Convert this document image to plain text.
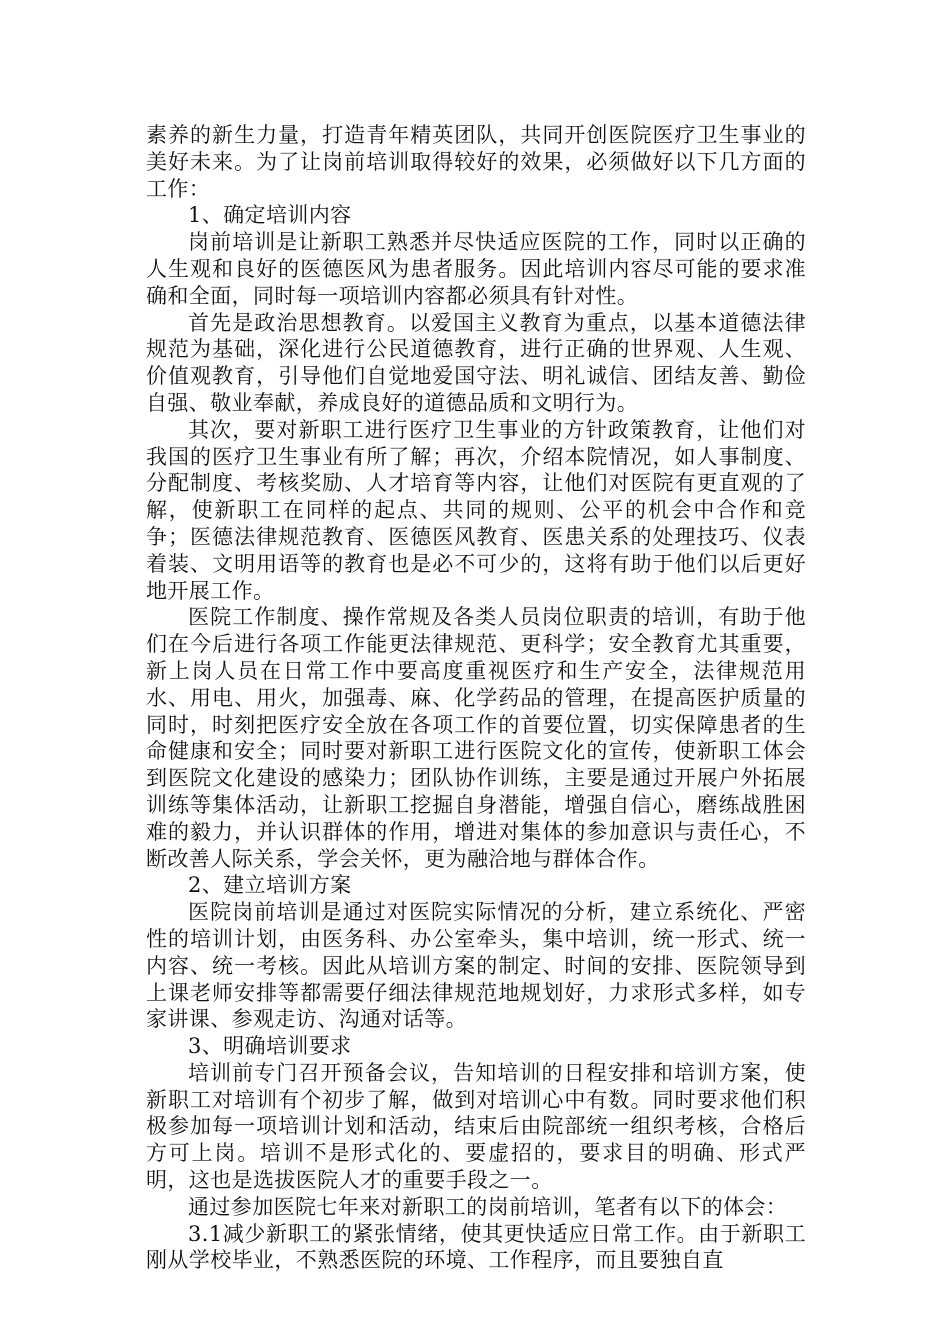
素养的新生力量，打造青年精英团队，共同开创医院医疗卫生事业的美好未来。为了让岗前培训取得较好的效果，必须做好以下几方面的工作：

1、确定培训内容

岗前培训是让新职工熟悉并尽快适应医院的工作，同时以正确的人生观和良好的医德医风为患者服务。因此培训内容尽可能的要求准确和全面，同时每一项培训内容都必须具有针对性。

首先是政治思想教育。以爱国主义教育为重点，以基本道德法律规范为基础，深化进行公民道德教育，进行正确的世界观、人生观、价值观教育，引导他们自觉地爱国守法、明礼诚信、团结友善、勤俭自强、敬业奉献，养成良好的道德品质和文明行为。

其次，要对新职工进行医疗卫生事业的方针政策教育，让他们对我国的医疗卫生事业有所了解；再次，介绍本院情况，如人事制度、分配制度、考核奖励、人才培育等内容，让他们对医院有更直观的了解，使新职工在同样的起点、共同的规则、公平的机会中合作和竞争；医德法律规范教育、医德医风教育、医患关系的处理技巧、仪表着装、文明用语等的教育也是必不可少的，这将有助于他们以后更好地开展工作。

医院工作制度、操作常规及各类人员岗位职责的培训，有助于他们在今后进行各项工作能更法律规范、更科学；安全教育尤其重要，新上岗人员在日常工作中要高度重视医疗和生产安全，法律规范用水、用电、用火，加强毒、麻、化学药品的管理，在提高医护质量的同时，时刻把医疗安全放在各项工作的首要位置，切实保障患者的生命健康和安全；同时要对新职工进行医院文化的宣传，使新职工体会到医院文化建设的感染力；团队协作训练，主要是通过开展户外拓展训练等集体活动，让新职工挖掘自身潜能，增强自信心，磨练战胜困难的毅力，并认识群体的作用，增进对集体的参加意识与责任心，不断改善人际关系，学会关怀，更为融洽地与群体合作。

2、建立培训方案

医院岗前培训是通过对医院实际情况的分析，建立系统化、严密性的培训计划，由医务科、办公室牵头，集中培训，统一形式、统一内容、统一考核。因此从培训方案的制定、时间的安排、医院领导到上课老师安排等都需要仔细法律规范地规划好，力求形式多样，如专家讲课、参观走访、沟通对话等。

3、明确培训要求

培训前专门召开预备会议，告知培训的日程安排和培训方案，使新职工对培训有个初步了解，做到对培训心中有数。同时要求他们积极参加每一项培训计划和活动，结束后由院部统一组织考核，合格后方可上岗。培训不是形式化的、要虚招的，要求目的明确、形式严明，这也是选拔医院人才的重要手段之一。

通过参加医院七年来对新职工的岗前培训，笔者有以下的体会：

3.1减少新职工的紧张情绪，使其更快适应日常工作。由于新职工刚从学校毕业，不熟悉医院的环境、工作程序，而且要独自直
